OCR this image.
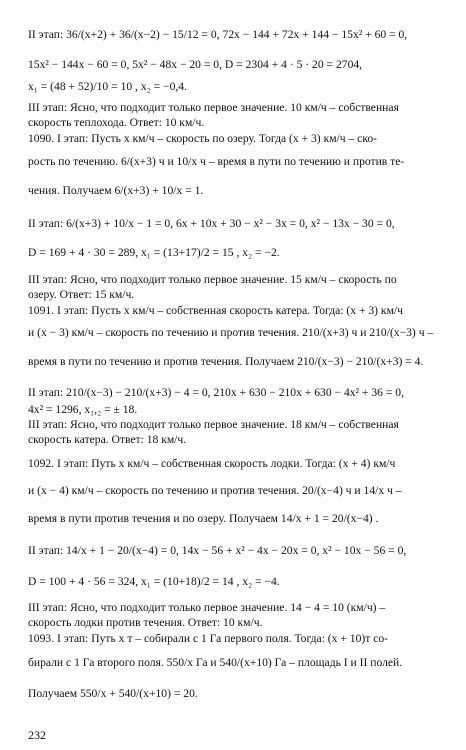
II этап: 36/(x+2) + 36/(x−2) − 15/12 = 0, 72x − 144 + 72x + 144 − 15x² + 60 = 0,
15x² − 144x − 60 = 0, 5x² − 48x − 20 = 0, D = 2304 + 4 · 5 · 20 = 2704,
x₁ = (48 + 52)/10 = 10 , x₂ = −0,4.
III этап: Ясно, что подходит только первое значение. 10 км/ч – собственная
скорость теплохода. Ответ: 10 км/ч.
1090. I этап: Пусть x км/ч – скорость по озеру. Тогда (x + 3) км/ч – ско-
рость по течению. 6/(x+3) ч и 10/x ч – время в пути по течению и против те-
чения. Получаем 6/(x+3) + 10/x = 1.
II этап: 6/(x+3) + 10/x − 1 = 0, 6x + 10x + 30 − x² − 3x = 0, x² − 13x − 30 = 0,
D = 169 + 4 · 30 = 289, x₁ = (13+17)/2 = 15 , x₂ = −2.
III этап: Ясно, что подходит только первое значение. 15 км/ч – скорость по
озеру. Ответ: 15 км/ч.
1091. I этап: Пусть x км/ч – собственная скорость катера. Тогда: (x + 3) км/ч
и (x − 3) км/ч – скорость по течению и против течения. 210/(x+3) ч и 210/(x−3) ч –
время в пути по течению и против течения. Получаем 210/(x−3) − 210/(x+3) = 4.
II этап: 210/(x−3) − 210/(x+3) − 4 = 0, 210x + 630 − 210x + 630 − 4x² + 36 = 0,
4x² = 1296, x₁,₂ = ± 18.
III этап: Ясно, что подходит только первое значение. 18 км/ч – собственная
скорость катера. Ответ: 18 км/ч.
1092. I этап: Путь x км/ч – собственная скорость лодки. Тогда: (x + 4) км/ч
и (x − 4) км/ч – скорость по течению и против течения. 20/(x−4) ч и 14/x ч –
время в пути против течения и по озеру. Получаем 14/x + 1 = 20/(x−4) .
II этап: 14/x + 1 − 20/(x−4) = 0, 14x − 56 + x² − 4x − 20x = 0, x² − 10x − 56 = 0,
D = 100 + 4 · 56 = 324, x₁ = (10+18)/2 = 14 , x₂ = −4.
III этап: Ясно, что подходит только первое значение. 14 − 4 = 10 (км/ч) –
скорость лодки против течения. Ответ: 10 км/ч.
1093. I этап: Путь x т – собирали с 1 Га первого поля. Тогда: (x + 10)т со-
бирали с 1 Га второго поля. 550/x Га и 540/(x+10) Га – площадь I и II полей.
Получаем 550/x + 540/(x+10) = 20.
232
